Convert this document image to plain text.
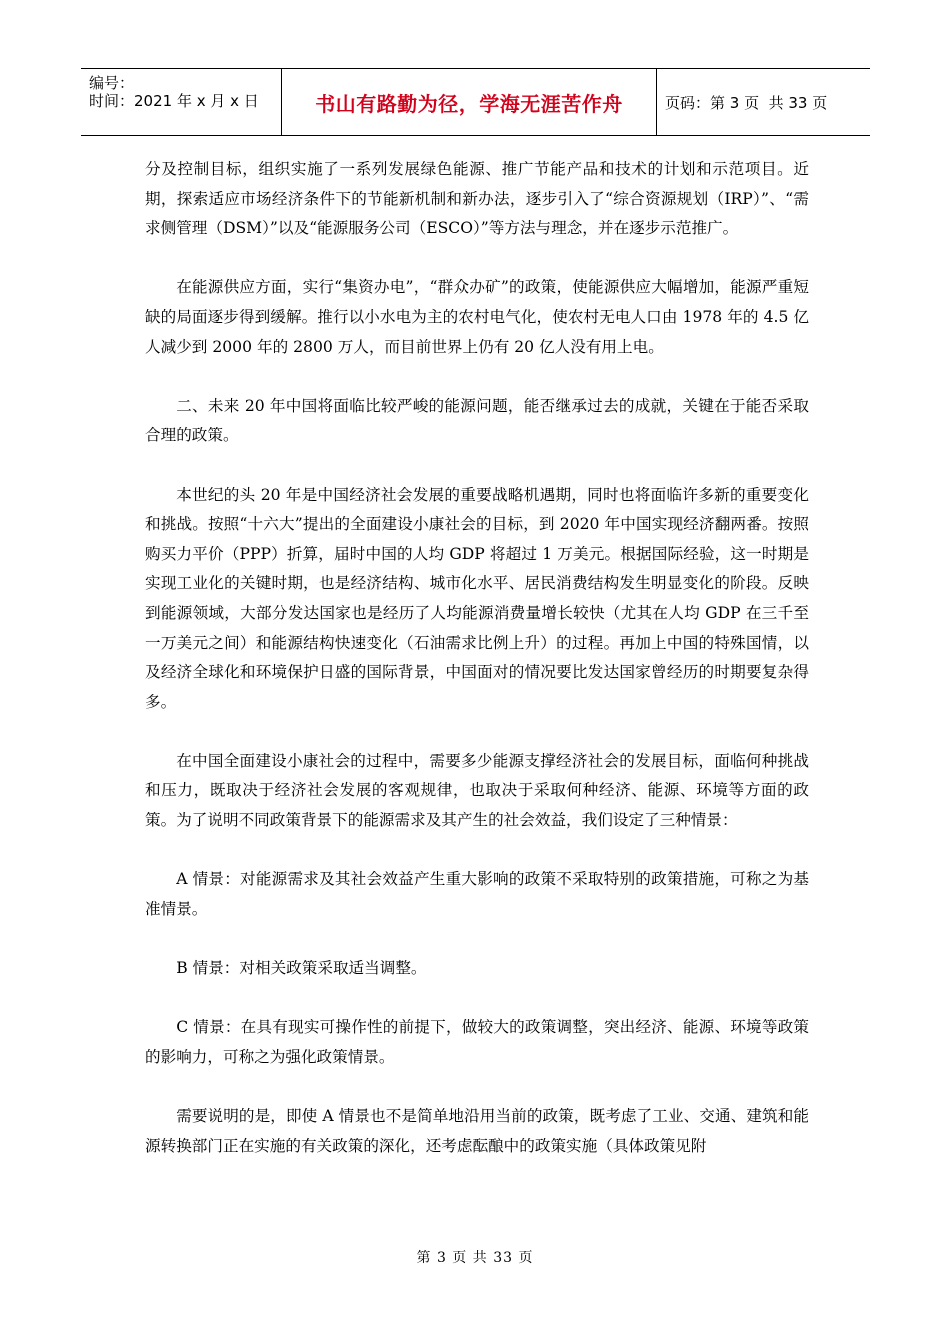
编号：
时间：2021 年 x 月 x 日	书山有路勤为径，学海无涯苦作舟	页码：第 3 页  共 33 页

分及控制目标，组织实施了一系列发展绿色能源、推广节能产品和技术的计划和示范项目。近期，探索适应市场经济条件下的节能新机制和新办法，逐步引入了“综合资源规划（IRP）”、“需求侧管理（DSM）”以及“能源服务公司（ESCO）”等方法与理念，并在逐步示范推广。

在能源供应方面，实行“集资办电”，“群众办矿”的政策，使能源供应大幅增加，能源严重短缺的局面逐步得到缓解。推行以小水电为主的农村电气化，使农村无电人口由 1978 年的 4.5 亿人减少到 2000 年的 2800 万人，而目前世界上仍有 20 亿人没有用上电。

二、未来 20 年中国将面临比较严峻的能源问题，能否继承过去的成就，关键在于能否采取合理的政策。

本世纪的头 20 年是中国经济社会发展的重要战略机遇期，同时也将面临许多新的重要变化和挑战。按照“十六大”提出的全面建设小康社会的目标，到 2020 年中国实现经济翻两番。按照购买力平价（PPP）折算，届时中国的人均 GDP 将超过 1 万美元。根据国际经验，这一时期是实现工业化的关键时期，也是经济结构、城市化水平、居民消费结构发生明显变化的阶段。反映到能源领域，大部分发达国家也是经历了人均能源消费量增长较快（尤其在人均 GDP 在三千至一万美元之间）和能源结构快速变化（石油需求比例上升）的过程。再加上中国的特殊国情，以及经济全球化和环境保护日盛的国际背景，中国面对的情况要比发达国家曾经历的时期要复杂得多。

在中国全面建设小康社会的过程中，需要多少能源支撑经济社会的发展目标，面临何种挑战和压力，既取决于经济社会发展的客观规律，也取决于采取何种经济、能源、环境等方面的政策。为了说明不同政策背景下的能源需求及其产生的社会效益，我们设定了三种情景：

A 情景：对能源需求及其社会效益产生重大影响的政策不采取特别的政策措施，可称之为基准情景。

B 情景：对相关政策采取适当调整。

C 情景：在具有现实可操作性的前提下，做较大的政策调整，突出经济、能源、环境等政策的影响力，可称之为强化政策情景。

需要说明的是，即使 A 情景也不是简单地沿用当前的政策，既考虑了工业、交通、建筑和能源转换部门正在实施的有关政策的深化，还考虑酝酿中的政策实施（具体政策见附

第 3 页 共 33 页
